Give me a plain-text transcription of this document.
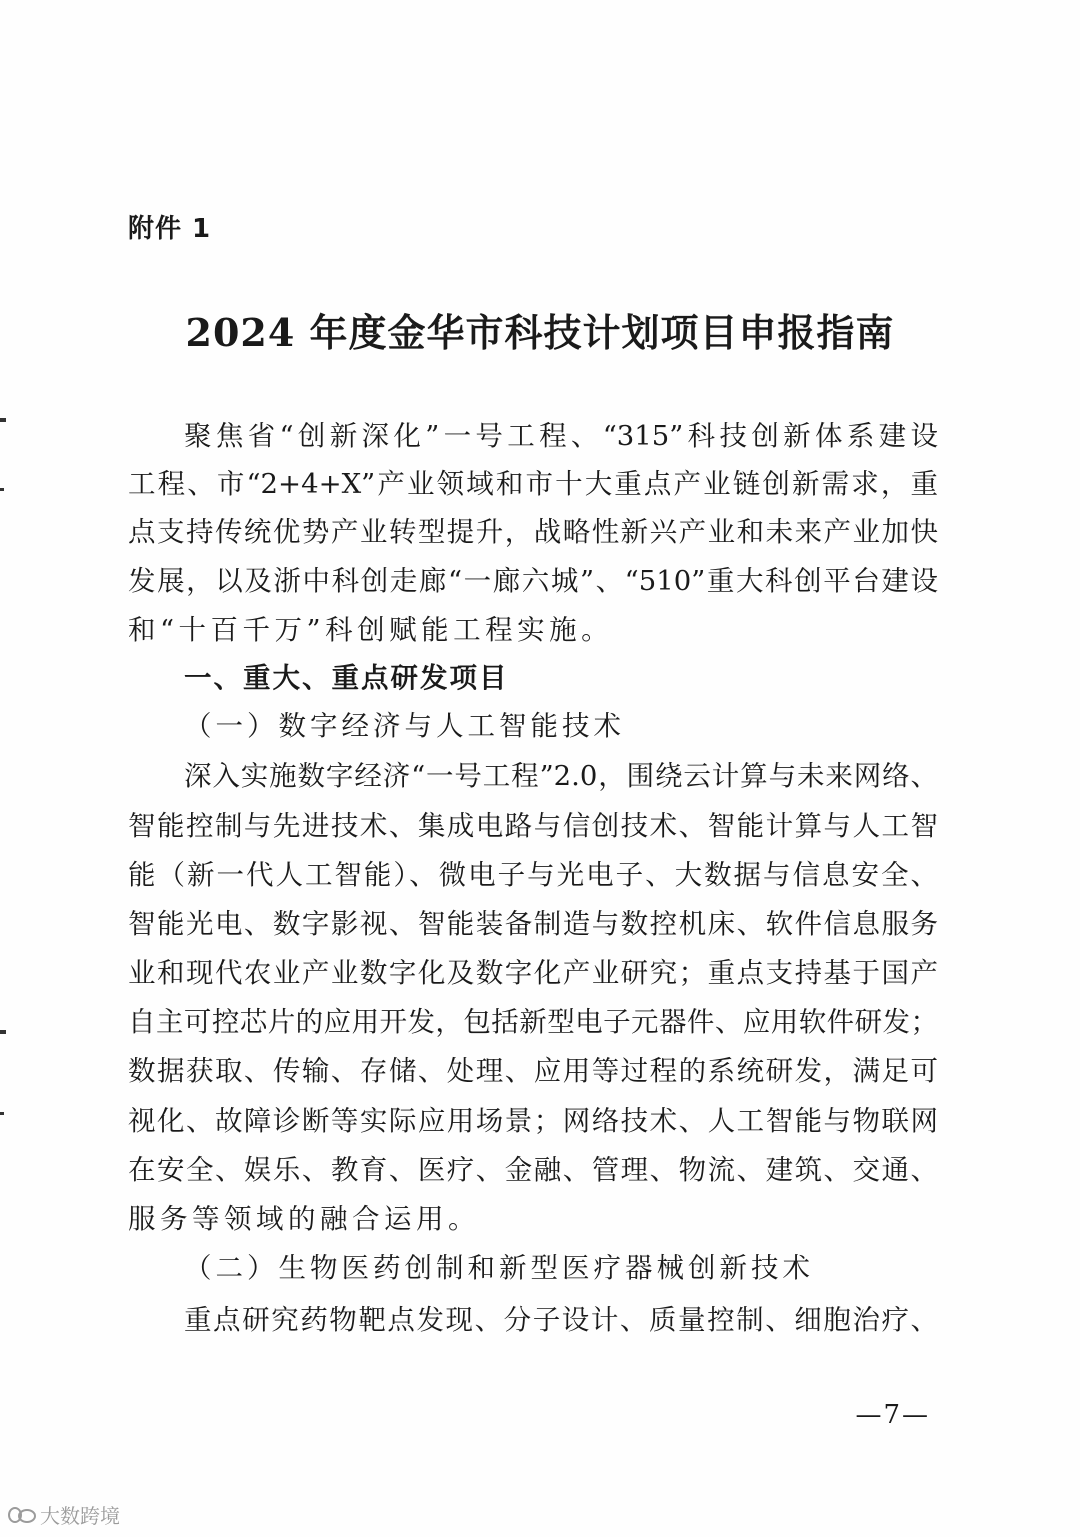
附件 1
2024 年度金华市科技计划项目申报指南
聚焦省“创新深化”一号工程、“315”科技创新体系建设
工程、市“2+4+X”产业领域和市十大重点产业链创新需求，重
点支持传统优势产业转型提升，战略性新兴产业和未来产业加快
发展，以及浙中科创走廊“一廊六城”、“510”重大科创平台建设
和“十百千万”科创赋能工程实施。
一、重大、重点研发项目
（一）数字经济与人工智能技术
深入实施数字经济“一号工程”2.0，围绕云计算与未来网络、
智能控制与先进技术、集成电路与信创技术、智能计算与人工智
能（新一代人工智能）、微电子与光电子、大数据与信息安全、
智能光电、数字影视、智能装备制造与数控机床、软件信息服务
业和现代农业产业数字化及数字化产业研究；重点支持基于国产
自主可控芯片的应用开发，包括新型电子元器件、应用软件研发；
数据获取、传输、存储、处理、应用等过程的系统研发，满足可
视化、故障诊断等实际应用场景；网络技术、人工智能与物联网
在安全、娱乐、教育、医疗、金融、管理、物流、建筑、交通、
服务等领域的融合运用。
（二）生物医药创制和新型医疗器械创新技术
重点研究药物靶点发现、分子设计、质量控制、细胞治疗、
—7—
大数跨境
